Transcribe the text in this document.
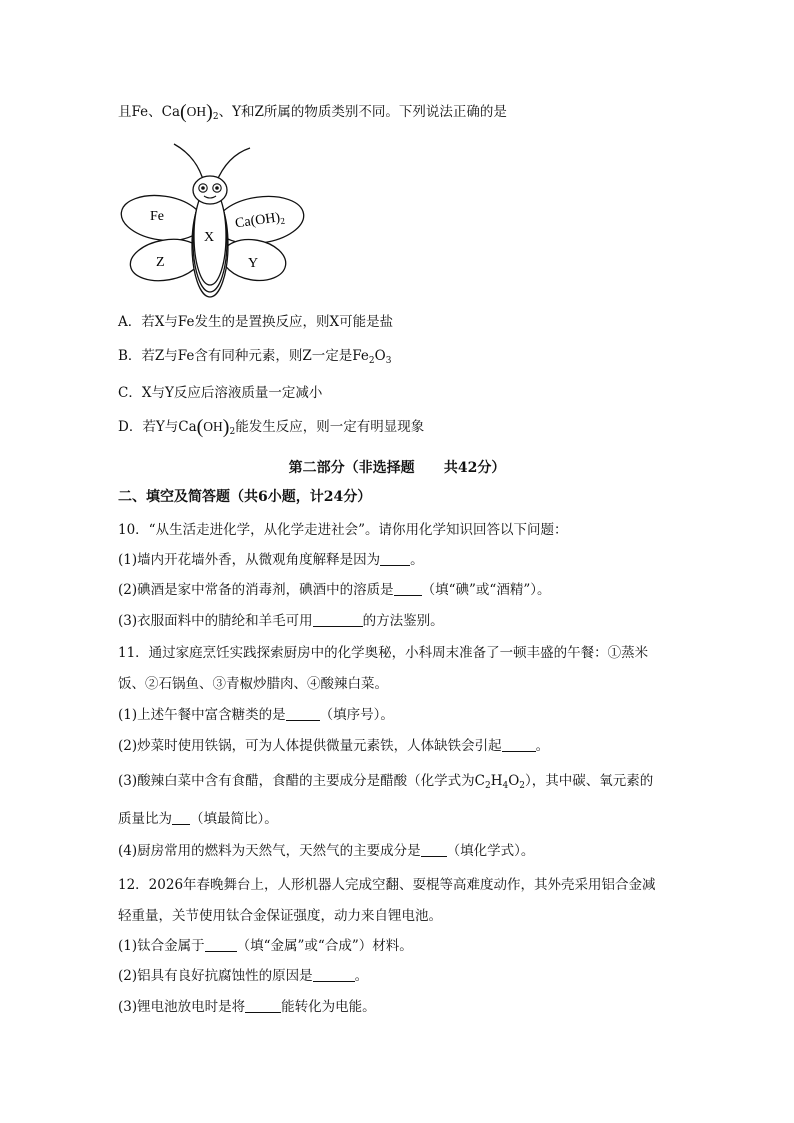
且Fe、$Ca(OH)_2$、Y和Z所属的物质类别不同。下列说法正确的是
Fe
X
$Ca(OH)_2$
Z	Y
A．若X与Fe发生的是置换反应，则X可能是盐
B．若Z与Fe含有同种元素，则Z一定是$Fe_2O_3$
C．X与Y反应后溶液质量一定减小
D．若Y与$Ca(OH)_2$能发生反应，则一定有明显现象
第二部分（非选择题 共42分）
二、填空及简答题（共6小题，计24分）
10．“从生活走进化学，从化学走进社会”。请你用化学知识回答以下问题：
(1)墙内开花墙外香，从微观角度解释是因为 。
(2)碘酒是家中常备的消毒剂，碘酒中的溶质是 （填“碘”或“酒精”）。
(3)衣服面料中的腈纶和羊毛可用	的方法鉴别。
11．通过家庭烹饪实践探索厨房中的化学奥秘，小科周末准备了一顿丰盛的午餐：①蒸米
饭、②石锅鱼、③青椒炒腊肉、④酸辣白菜。
(1)上述午餐中富含糖类的是	（填序号）。
(2)炒菜时使用铁锅，可为人体提供微量元素铁，人体缺铁会引起	。
(3)酸辣白菜中含有食醋，食醋的主要成分是醋酸（化学式为$C_2H_4O_2$），其中碳、氧元素的
质量比为 （填最简比）。
(4)厨房常用的燃料为天然气，天然气的主要成分是 （填化学式）。
12．2026年春晚舞台上，人形机器人完成空翻、耍棍等高难度动作，其外壳采用铝合金减
轻重量，关节使用钛合金保证强度，动力来自锂电池。
(1)钛合金属于 （填“金属”或“合成”）材料。
(2)铝具有良好抗腐蚀性的原因是	。
(3)锂电池放电时是将	能转化为电能。
